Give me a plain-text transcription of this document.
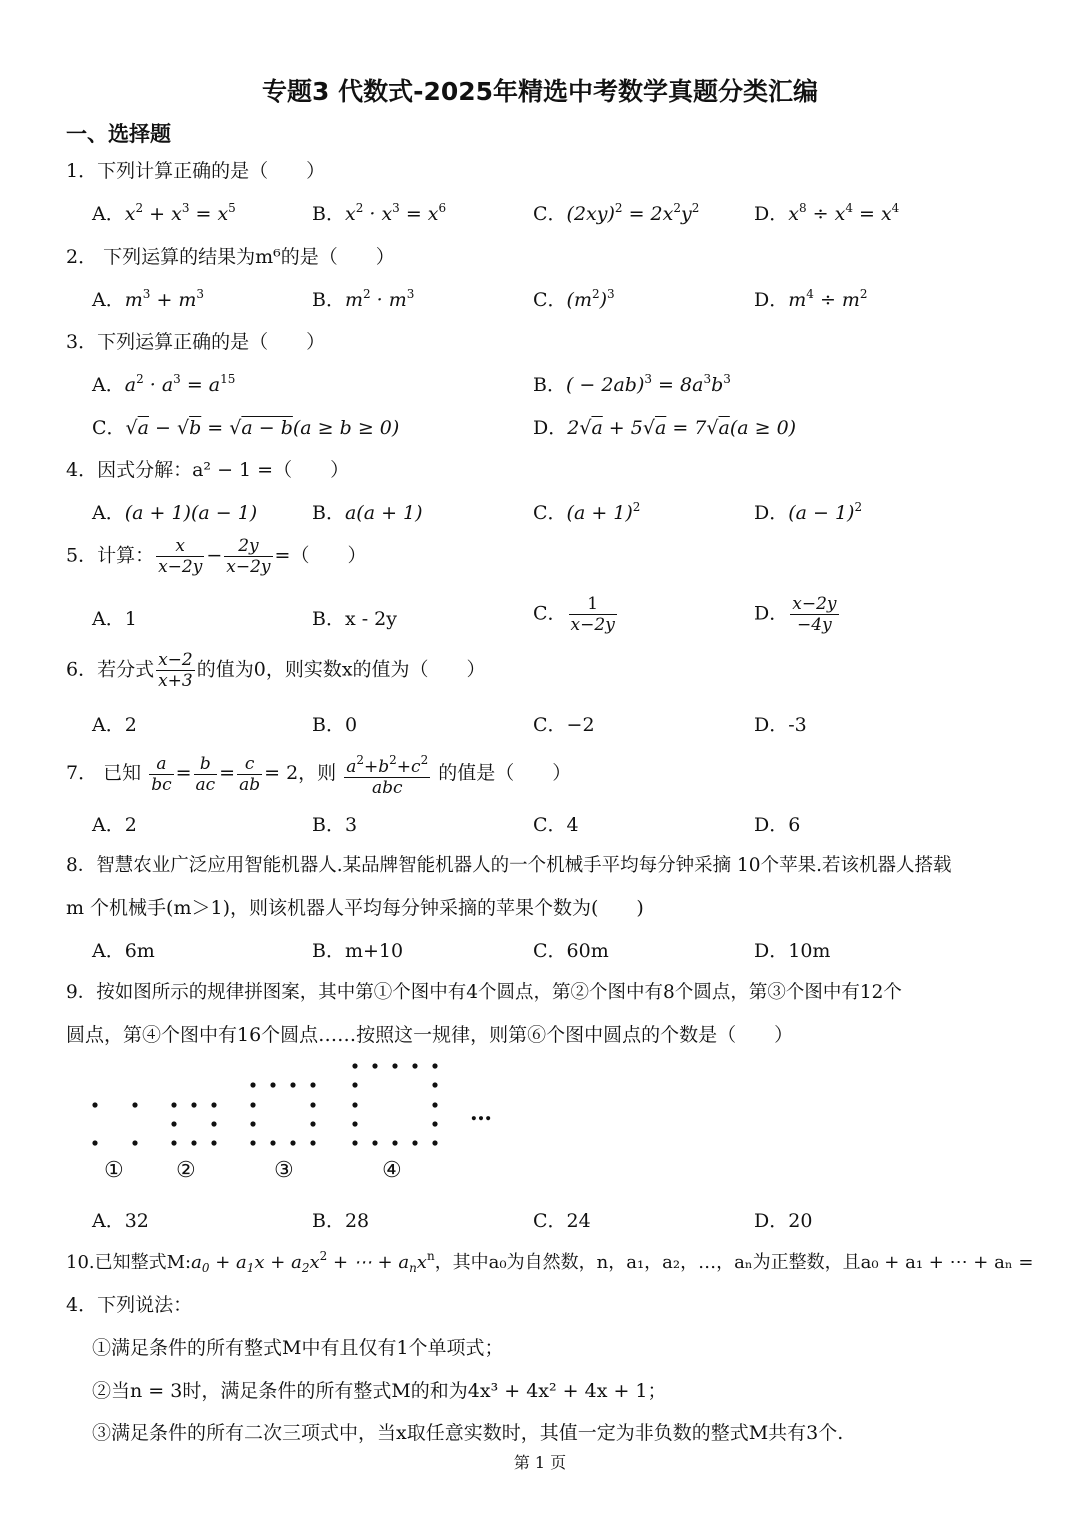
专题3 代数式-2025年精选中考数学真题分类汇编
一、选择题
1．下列计算正确的是（　　）
A．$x^2 + x^3 = x^5$	B．$x^2 \cdot x^3 = x^6$	C．$(2xy)^2 = 2x^2y^2$	D．$x^8 \div x^4 = x^4$
2． 下列运算的结果为m⁶的是（　　）
A．$m^3 + m^3$	B．$m^2 \cdot m^3$	C．$(m^2)^3$	D．$m^4 \div m^2$
3．下列运算正确的是（　　）
A．$a^2 \cdot a^3 = a^{15}$	B．( − $2ab)^3 = 8a^3b^3$
C．√a − √b = √a − b(a ≥ b ≥ 0)	D．2√a + 5√a = 7√a(a ≥ 0)
4．因式分解：a² − 1 =（　　）
A．(a + 1)(a − 1)	B．a(a + 1)	C．$(a + 1)^2$	D．$(a - 1)^2$
5．计算： $\frac{x}{x-2y} - \frac{2y}{x-2y}$ =（　　）
A．1	B．x - 2y	C． $\frac{1}{x-2y}$	D． $\frac{x-2y}{-4y}$
6．若分式 $\frac{x-2}{x+3}$ 的值为0，则实数x的值为（　　）
A．2	B．0	C．−2	D．-3
7． 已知 $\frac{a}{bc} = \frac{b}{ac} = \frac{c}{ab} = 2$，则 $\frac{a^2+b^2+c^2}{\text{abc}}$ 的值是（　　）
A．2	B．3	C．4	D．6
8．智慧农业广泛应用智能机器人.某品牌智能机器人的一个机械手平均每分钟采摘 10个苹果.若该机器人搭载
m 个机械手(m＞1)，则该机器人平均每分钟采摘的苹果个数为(　　)
A．6m	B．m+10	C．60m	D．10m
9．按如图所示的规律拼图案，其中第①个图中有4个圆点，第②个图中有8个圆点，第③个图中有12个
圆点，第④个图中有16个圆点……按照这一规律，则第⑥个图中圆点的个数是（　　）
…
① ②	③	④
A．32	B．28	C．24	D．20
10.已知整式$M:a_0 + a_1x + a_2x^2$ + ⋯ + $a_nx^n$，其中a₀为自然数，n，a₁，a₂，…，aₙ为正整数，且a₀ + a₁ + ⋯ + aₙ =
4．下列说法：
①满足条件的所有整式M中有且仅有1个单项式；
②当n = 3时，满足条件的所有整式M的和为4x³ + 4x² + 4x + 1；
③满足条件的所有二次三项式中，当x取任意实数时，其值一定为非负数的整式M共有3个.
第 1 页
